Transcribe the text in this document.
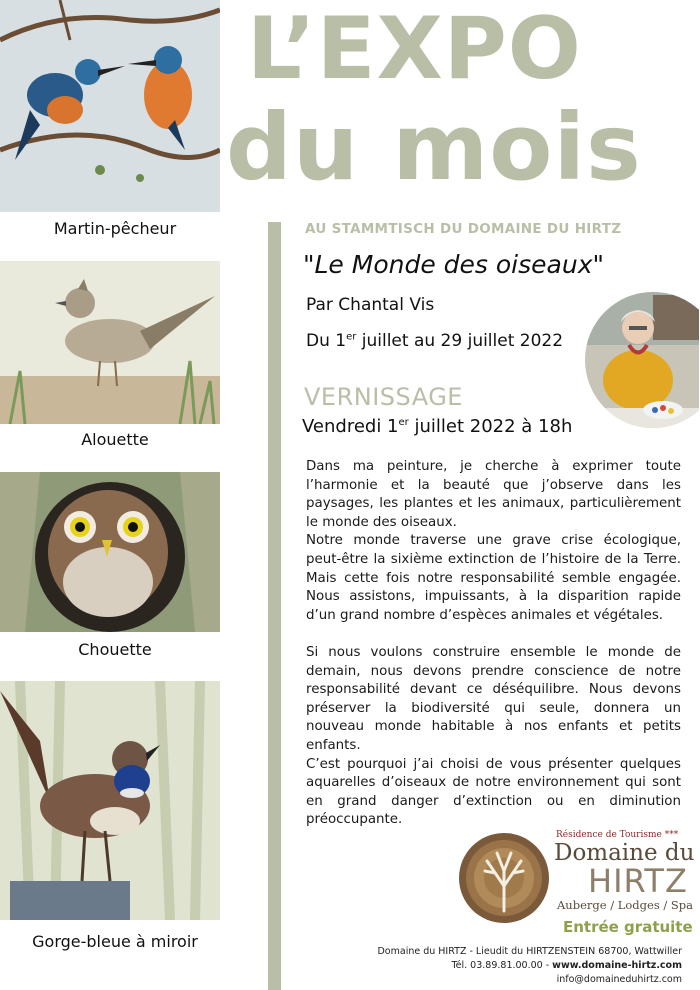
Martin-pêcheur
Alouette
Chouette
Gorge-bleue à miroir
L’EXPO
du mois
AU STAMMTISCH DU DOMAINE DU HIRTZ
"Le Monde des oiseaux"
Par Chantal Vis
Du 1er juillet au 29 juillet 2022
VERNISSAGE
Vendredi 1er juillet 2022 à 18h

Dans ma peinture, je cherche à exprimer toute l’harmonie et la beauté que j’observe dans les paysages, les plantes et les animaux, particulièrement le monde des oiseaux.

Notre monde traverse une grave crise écologique, peut-être la sixième extinction de l’histoire de la Terre. Mais cette fois notre responsabilité semble engagée. Nous assistons, impuissants, à la disparition rapide d’un grand nombre d’espèces animales et végétales.

Si nous voulons construire ensemble le monde de demain, nous devons prendre conscience de notre responsabilité devant ce déséquilibre. Nous devons préserver la biodiversité qui seule, donnera un nouveau monde habitable à nos enfants et petits enfants.

C’est pourquoi j’ai choisi de vous présenter quelques aquarelles d’oiseaux de notre environnement qui sont en grand danger d’extinction ou en diminution préoccupante.

Résidence de Tourisme ***
Domaine du
HIRTZ
Auberge / Lodges / Spa
Entrée gratuite
Domaine du HIRTZ - Lieudit du HIRTZENSTEIN 68700, Wattwiller
Tél. 03.89.81.00.00 - www.domaine-hirtz.com
info@domaineduhirtz.com
